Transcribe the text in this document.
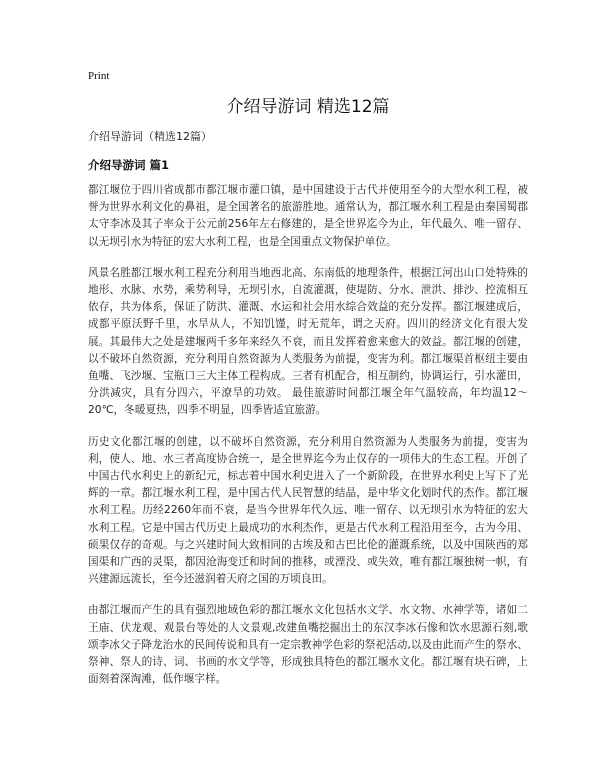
Print
介绍导游词 精选12篇
介绍导游词（精选12篇）
介绍导游词 篇1

都江堰位于四川省成都市都江堰市灌口镇，是中国建设于古代并使用至今的大型水利工程，被誉为世界水利文化的鼻祖，是全国著名的旅游胜地。通常认为，都江堰水利工程是由秦国蜀郡太守李冰及其子率众于公元前256年左右修建的，是全世界迄今为止，年代最久、唯一留存、以无坝引水为特征的宏大水利工程，也是全国重点文物保护单位。

风景名胜都江堰水利工程充分利用当地西北高、东南低的地理条件，根据江河出山口处特殊的地形、水脉、水势，乘势利导，无坝引水，自流灌溉，使堤防、分水、泄洪、排沙、控流相互依存，共为体系，保证了防洪、灌溉、水运和社会用水综合效益的充分发挥。都江堰建成后，成都平原沃野千里，水旱从人，不知饥馑，时无荒年，谓之天府。四川的经济文化有很大发展。其最伟大之处是建堰两千多年来经久不衰，而且发挥着愈来愈大的效益。都江堰的创建，以不破坏自然资源，充分利用自然资源为人类服务为前提，变害为利。都江堰渠首枢纽主要由鱼嘴、飞沙堰、宝瓶口三大主体工程构成。三者有机配合，相互制约，协调运行，引水灌田，分洪减灾，具有分四六，平潦旱的功效。 最佳旅游时间都江堰全年气温较高，年均温12～20℃，冬暖夏热，四季不明显，四季皆适宜旅游。

历史文化都江堰的创建，以不破坏自然资源，充分利用自然资源为人类服务为前提，变害为利，使人、地、水三者高度协合统一，是全世界迄今为止仅存的一项伟大的生态工程。开创了中国古代水利史上的新纪元，标志着中国水利史进入了一个新阶段，在世界水利史上写下了光辉的一章。都江堰水利工程，是中国古代人民智慧的结晶，是中华文化划时代的杰作。都江堰水利工程。历经2260年而不衰，是当今世界年代久远、唯一留存、以无坝引水为特征的宏大水利工程。它是中国古代历史上最成功的水利杰作，更是古代水利工程沿用至今，古为今用、硕果仅存的奇观。与之兴建时间大致相同的古埃及和古巴比伦的灌溉系统，以及中国陕西的郑国渠和广西的灵渠，都因沧海变迁和时间的推移，或湮没、或失效，唯有都江堰独树一帜，有兴建源远流长，至今还滋润着天府之国的万顷良田。

由都江堰而产生的具有强烈地域色彩的都江堰水文化包括水文学、水文物、水神学等，诸如二王庙、伏龙观、观景台等处的人文景观,改建鱼嘴挖掘出土的东汉李冰石像和饮水思源石刻,歌颂李冰父子降龙治水的民间传说和具有一定宗教神学色彩的祭祀活动,以及由此而产生的祭水、祭神、祭人的诗、词、书画的水文学等，形成独具特色的都江堰水文化。都江堰有块石碑，上面刻着深淘滩，低作堰字样。
